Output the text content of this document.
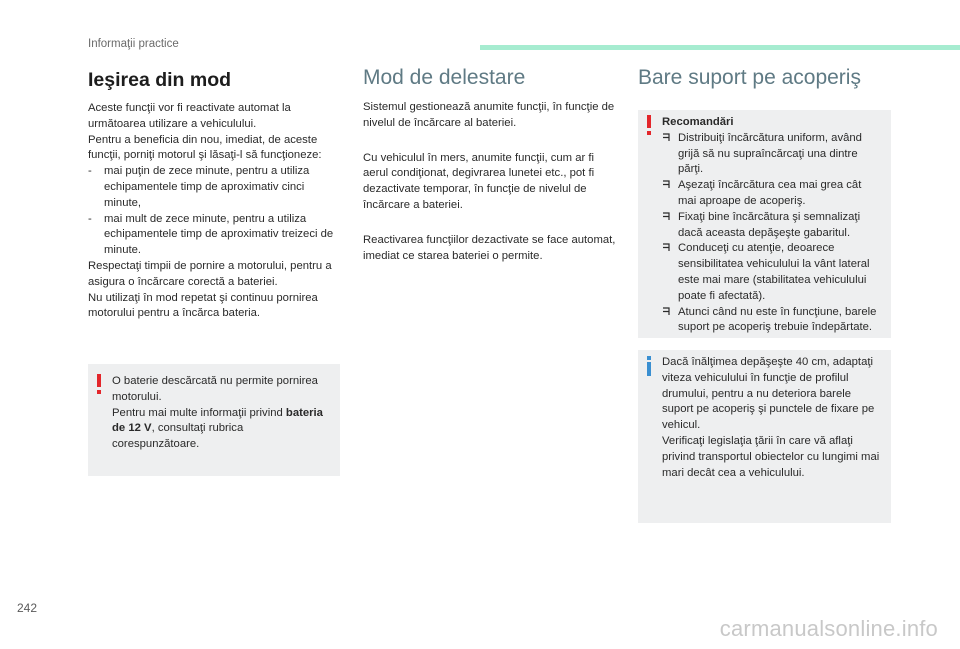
Informaţii practice
Ieşirea din mod

Aceste funcţii vor fi reactivate automat la următoarea utilizare a vehiculului.

Pentru a beneficia din nou, imediat, de aceste funcţii, porniţi motorul şi lăsaţi-l să funcţioneze:

- mai puţin de zece minute, pentru a utiliza echipamentele timp de aproximativ cinci minute,
- mai mult de zece minute, pentru a utiliza echipamentele timp de aproximativ treizeci de minute.

Respectaţi timpii de pornire a motorului, pentru a asigura o încărcare corectă a bateriei.

Nu utilizaţi în mod repetat şi continuu pornirea motorului pentru a încărca bateria.

O baterie descărcată nu permite pornirea motorului.

Pentru mai multe informaţii privind bateria de 12 V, consultaţi rubrica corespunzătoare.

Mod de delestare

Sistemul gestionează anumite funcţii, în funcţie de nivelul de încărcare al bateriei.

Cu vehiculul în mers, anumite funcţii, cum ar fi aerul condiţionat, degivrarea lunetei etc., pot fi dezactivate temporar, în funcţie de nivelul de încărcare a bateriei.

Reactivarea funcţiilor dezactivate se face automat, imediat ce starea bateriei o permite.

Bare suport pe acoperiş

Recomandări

Distribuiţi încărcătura uniform, având grijă să nu supraîncărcaţi una dintre părţi.
Aşezaţi încărcătura cea mai grea cât mai aproape de acoperiş.
Fixaţi bine încărcătura şi semnalizaţi dacă aceasta depăşeşte gabaritul.
Conduceţi cu atenţie, deoarece sensibilitatea vehiculului la vânt lateral este mai mare (stabilitatea vehiculului poate fi afectată).
Atunci când nu este în funcţiune, barele suport pe acoperiş trebuie îndepărtate.

Dacă înălţimea depăşeşte 40 cm, adaptaţi viteza vehiculului în funcţie de profilul drumului, pentru a nu deteriora barele suport pe acoperiş şi punctele de fixare pe vehicul.

Verificaţi legislaţia ţării în care vă aflaţi privind transportul obiectelor cu lungimi mai mari decât cea a vehiculului.

242
carmanualsonline.info
